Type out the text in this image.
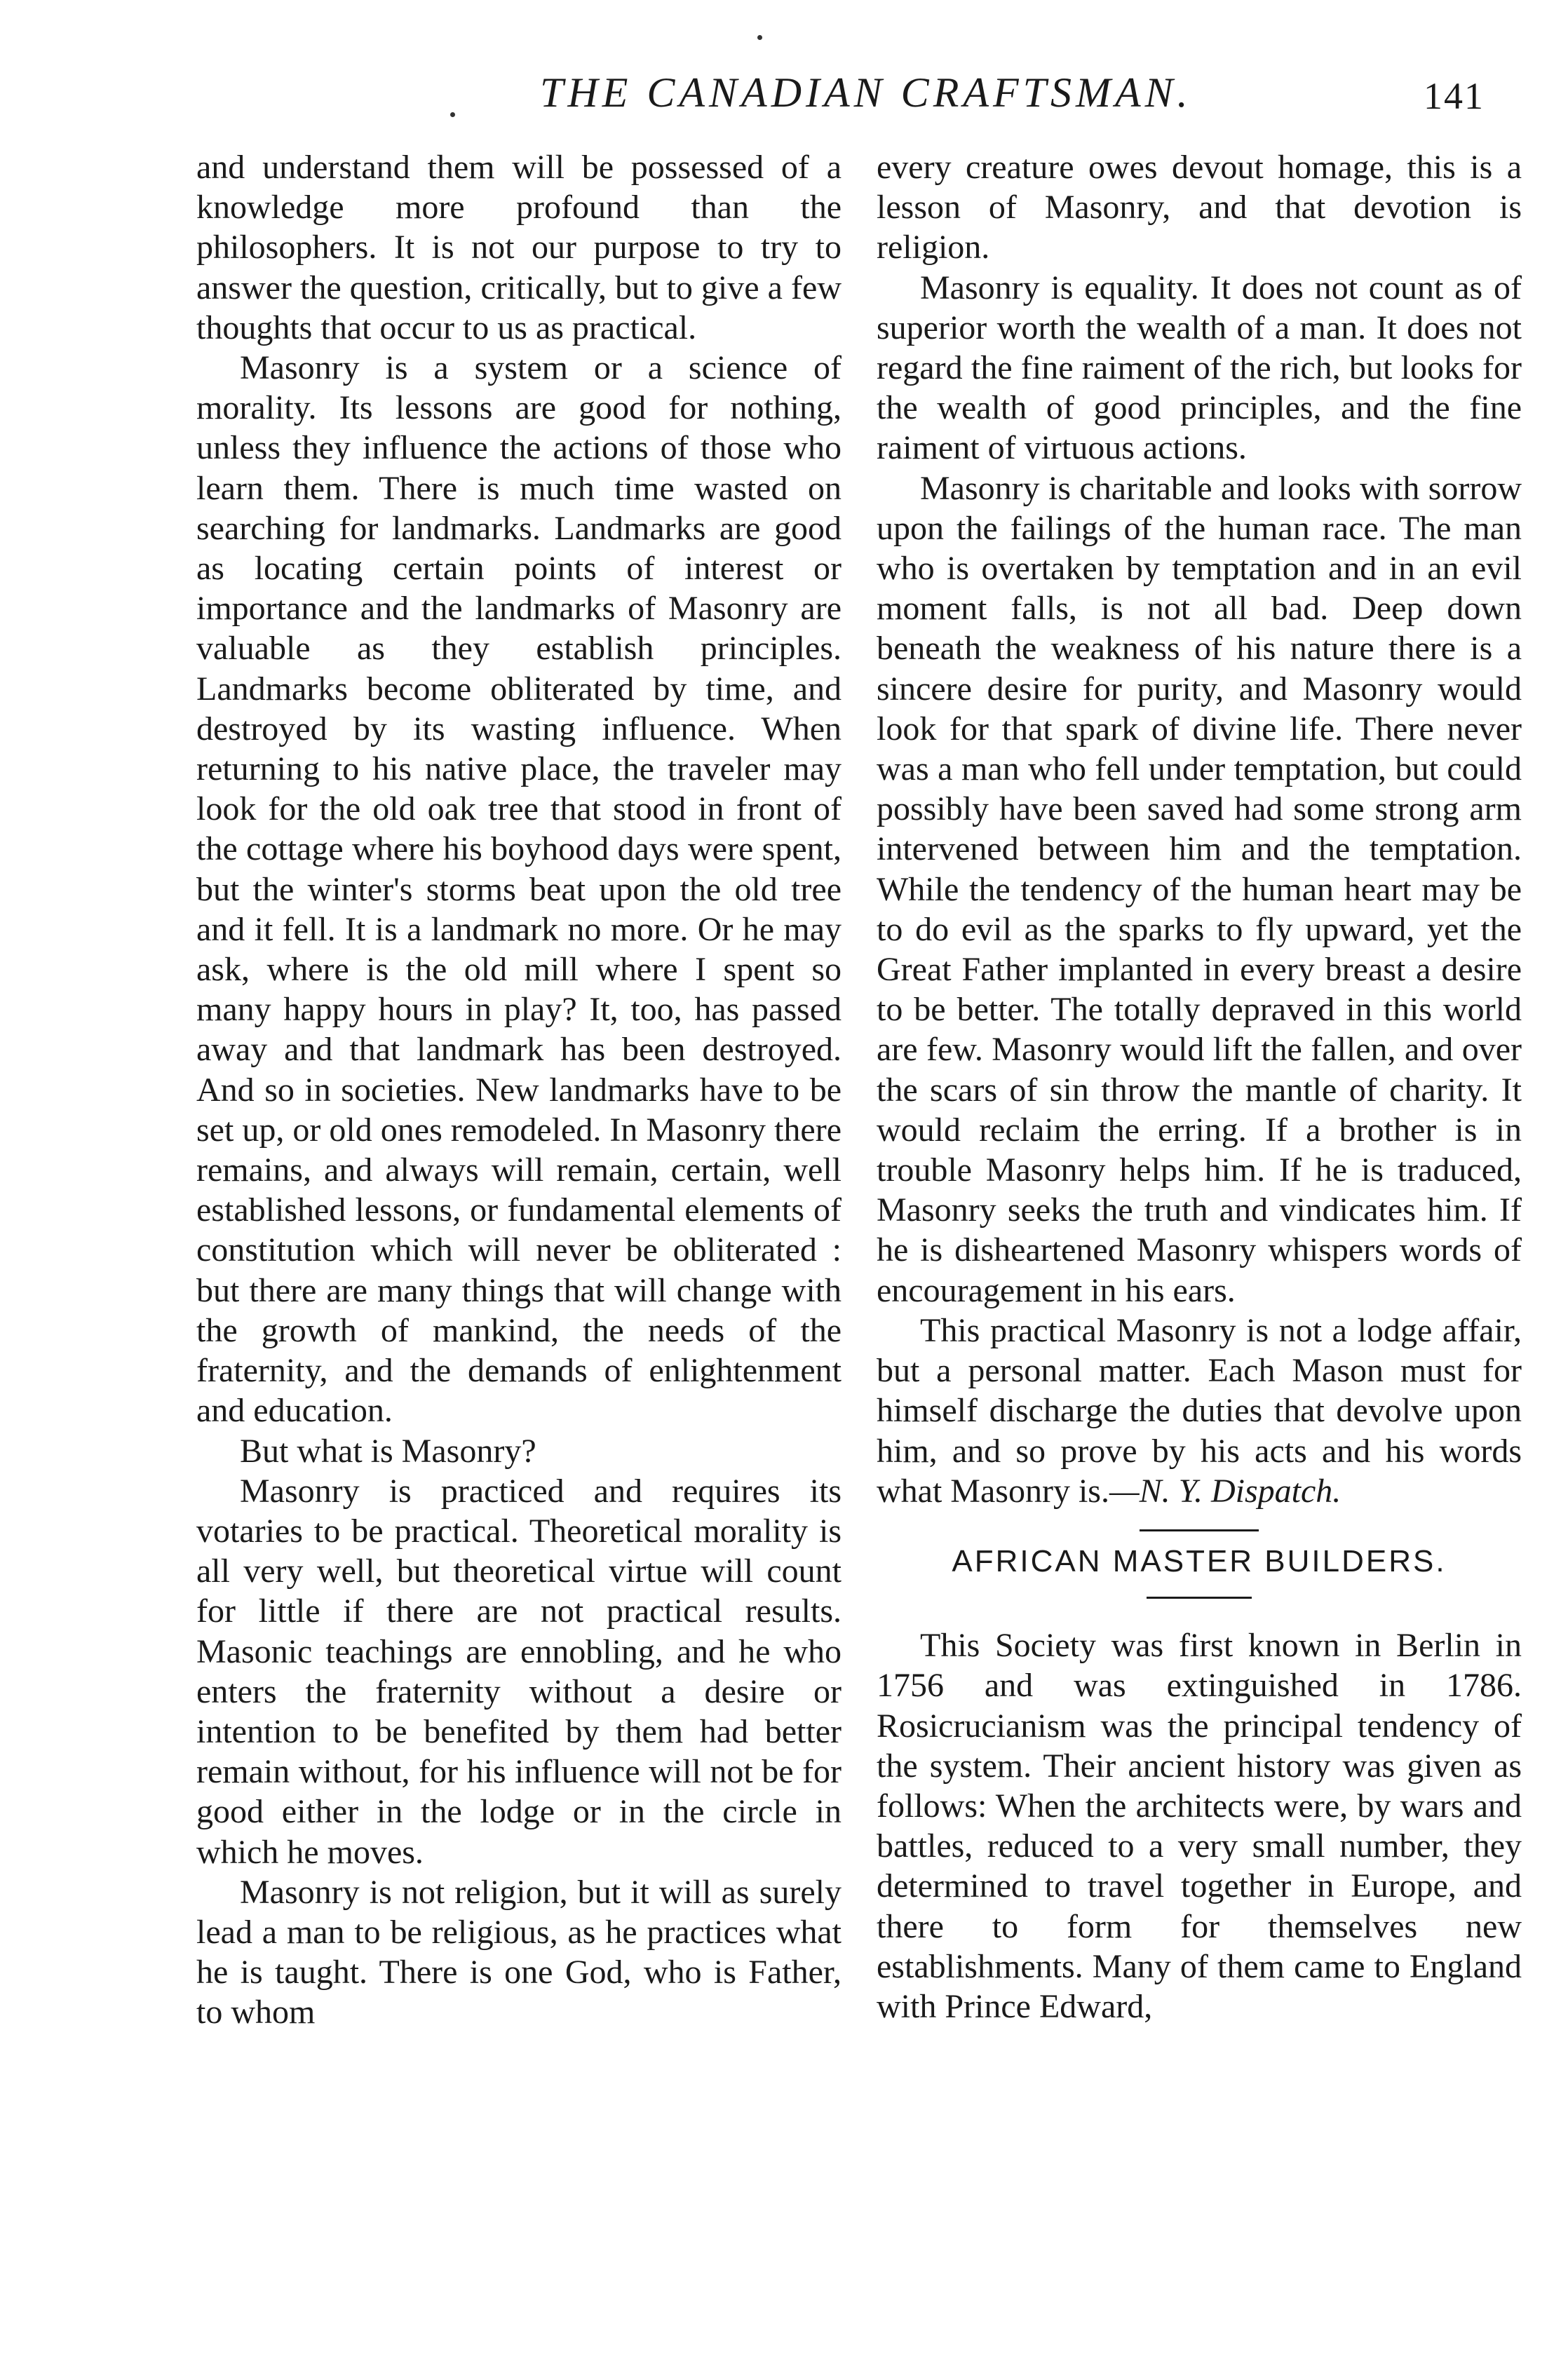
THE CANADIAN CRAFTSMAN.	141

and understand them will be possessed of a knowledge more profound than the philosophers. It is not our purpose to try to answer the question, critically, but to give a few thoughts that occur to us as practical.

Masonry is a system or a science of morality. Its lessons are good for nothing, unless they influence the actions of those who learn them. There is much time wasted on searching for landmarks. Landmarks are good as locating certain points of interest or importance and the landmarks of Masonry are valuable as they establish principles. Landmarks become obliterated by time, and destroyed by its wasting influence. When returning to his native place, the traveler may look for the old oak tree that stood in front of the cottage where his boyhood days were spent, but the winter's storms beat upon the old tree and it fell. It is a landmark no more. Or he may ask, where is the old mill where I spent so many happy hours in play? It, too, has passed away and that landmark has been destroyed. And so in societies. New landmarks have to be set up, or old ones remodeled. In Masonry there remains, and always will remain, certain, well established lessons, or fundamental elements of constitution which will never be obliterated : but there are many things that will change with the growth of mankind, the needs of the fraternity, and the demands of enlightenment and education.

But what is Masonry?

Masonry is practiced and requires its votaries to be practical. Theoretical morality is all very well, but theoretical virtue will count for little if there are not practical results. Masonic teachings are ennobling, and he who enters the fraternity without a desire or intention to be benefited by them had better remain without, for his influence will not be for good either in the lodge or in the circle in which he moves.

Masonry is not religion, but it will as surely lead a man to be religious, as he practices what he is taught. There is one God, who is Father, to whom

every creature owes devout homage, this is a lesson of Masonry, and that devotion is religion.

Masonry is equality. It does not count as of superior worth the wealth of a man. It does not regard the fine raiment of the rich, but looks for the wealth of good principles, and the fine raiment of virtuous actions.

Masonry is charitable and looks with sorrow upon the failings of the human race. The man who is overtaken by temptation and in an evil moment falls, is not all bad. Deep down beneath the weakness of his nature there is a sincere desire for purity, and Masonry would look for that spark of divine life. There never was a man who fell under temptation, but could possibly have been saved had some strong arm intervened between him and the temptation. While the tendency of the human heart may be to do evil as the sparks to fly upward, yet the Great Father implanted in every breast a desire to be better. The totally depraved in this world are few. Masonry would lift the fallen, and over the scars of sin throw the mantle of charity. It would reclaim the erring. If a brother is in trouble Masonry helps him. If he is traduced, Masonry seeks the truth and vindicates him. If he is disheartened Masonry whispers words of encouragement in his ears.

This practical Masonry is not a lodge affair, but a personal matter. Each Mason must for himself discharge the duties that devolve upon him, and so prove by his acts and his words what Masonry is.—N. Y. Dispatch.

AFRICAN MASTER BUILDERS.

This Society was first known in Berlin in 1756 and was extinguished in 1786. Rosicrucianism was the principal tendency of the system. Their ancient history was given as follows: When the architects were, by wars and battles, reduced to a very small number, they determined to travel together in Europe, and there to form for themselves new establishments. Many of them came to England with Prince Edward,
